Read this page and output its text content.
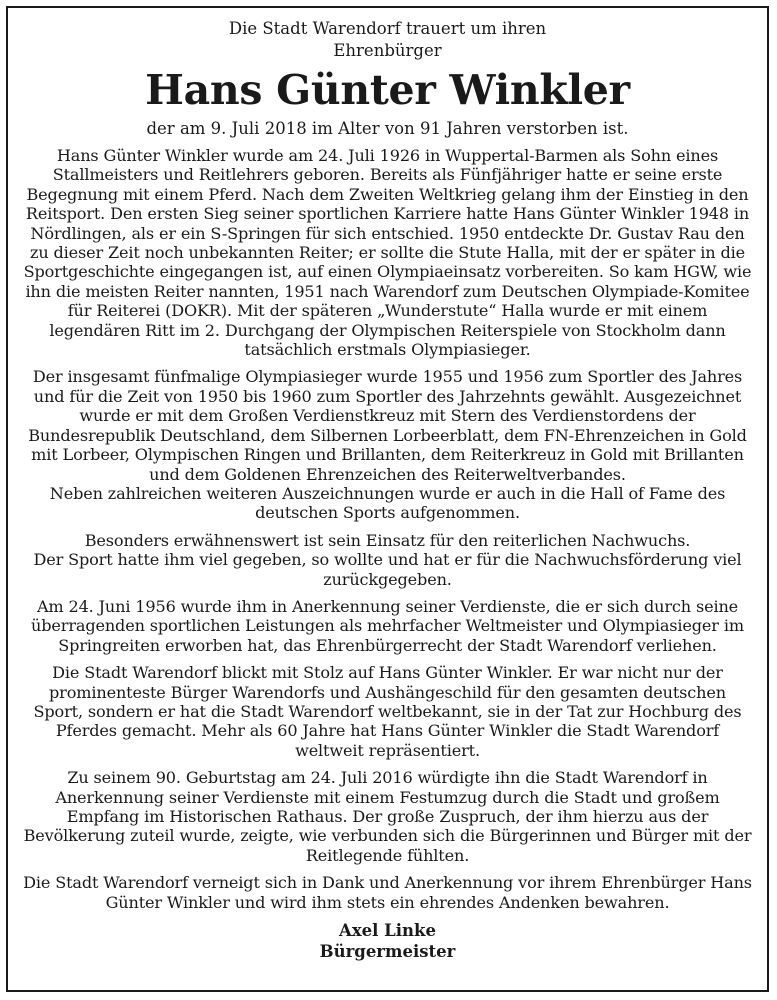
Die Stadt Warendorf trauert um ihren

Ehrenbürger

Hans Günter Winkler

der am 9. Juli 2018 im Alter von 91 Jahren verstorben ist.

Hans Günter Winkler wurde am 24. Juli 1926 in Wuppertal-Barmen als Sohn eines Stallmeisters und Reitlehrers geboren. Bereits als Fünfjähriger hatte er seine erste Begegnung mit einem Pferd. Nach dem Zweiten Weltkrieg gelang ihm der Einstieg in den Reitsport. Den ersten Sieg seiner sportlichen Karriere hatte Hans Günter Winkler 1948 in Nördlingen, als er ein S-Springen für sich entschied. 1950 entdeckte Dr. Gustav Rau den zu dieser Zeit noch unbekannten Reiter; er sollte die Stute Halla, mit der er später in die Sportgeschichte eingegangen ist, auf einen Olympiaeinsatz vorbereiten. So kam HGW, wie ihn die meisten Reiter nannten, 1951 nach Warendorf zum Deutschen Olympiade-Komitee für Reiterei (DOKR). Mit der späteren „Wunderstute“ Halla wurde er mit einem legendären Ritt im 2. Durchgang der Olympischen Reiterspiele von Stockholm dann tatsächlich erstmals Olympiasieger.

Der insgesamt fünfmalige Olympiasieger wurde 1955 und 1956 zum Sportler des Jahres und für die Zeit von 1950 bis 1960 zum Sportler des Jahrzehnts gewählt. Ausgezeichnet wurde er mit dem Großen Verdienstkreuz mit Stern des Verdienstordens der Bundesrepublik Deutschland, dem Silbernen Lorbeerblatt, dem FN-Ehrenzeichen in Gold mit Lorbeer, Olympischen Ringen und Brillanten, dem Reiterkreuz in Gold mit Brillanten und dem Goldenen Ehrenzeichen des Reiterweltverbandes.
Neben zahlreichen weiteren Auszeichnungen wurde er auch in die Hall of Fame des deutschen Sports aufgenommen.

Besonders erwähnenswert ist sein Einsatz für den reiterlichen Nachwuchs.
Der Sport hatte ihm viel gegeben, so wollte und hat er für die Nachwuchsförderung viel zurückgegeben.

Am 24. Juni 1956 wurde ihm in Anerkennung seiner Verdienste, die er sich durch seine überragenden sportlichen Leistungen als mehrfacher Weltmeister und Olympiasieger im Springreiten erworben hat, das Ehrenbürgerrecht der Stadt Warendorf verliehen.

Die Stadt Warendorf blickt mit Stolz auf Hans Günter Winkler. Er war nicht nur der prominenteste Bürger Warendorfs und Aushängeschild für den gesamten deutschen Sport, sondern er hat die Stadt Warendorf weltbekannt, sie in der Tat zur Hochburg des Pferdes gemacht. Mehr als 60 Jahre hat Hans Günter Winkler die Stadt Warendorf weltweit repräsentiert.

Zu seinem 90. Geburtstag am 24. Juli 2016 würdigte ihn die Stadt Warendorf in Anerkennung seiner Verdienste mit einem Festumzug durch die Stadt und großem Empfang im Historischen Rathaus. Der große Zuspruch, der ihm hierzu aus der Bevölkerung zuteil wurde, zeigte, wie verbunden sich die Bürgerinnen und Bürger mit der Reitlegende fühlten.

Die Stadt Warendorf verneigt sich in Dank und Anerkennung vor ihrem Ehrenbürger Hans Günter Winkler und wird ihm stets ein ehrendes Andenken bewahren.

Axel Linke

Bürgermeister
